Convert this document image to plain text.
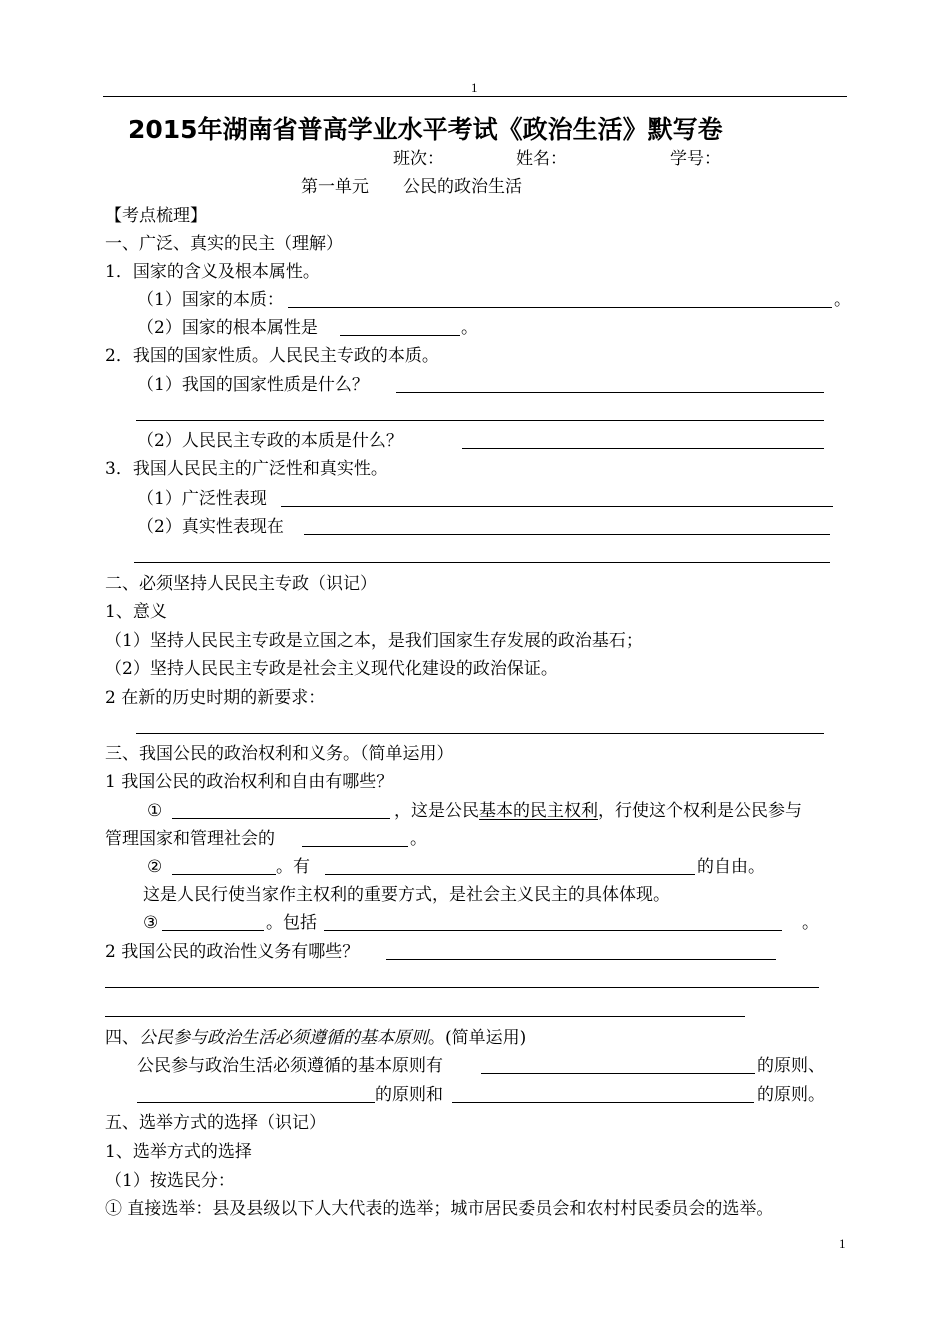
1
2015年湖南省普高学业水平考试《政治生活》默写卷
班次：	姓名：	学号：
第一单元　　公民的政治生活
【考点梳理】
一、广泛、真实的民主（理解）
1．国家的含义及根本属性。
（1）国家的本质：	。
（2）国家的根本属性是	。
2．我国的国家性质。人民民主专政的本质。
（1）我国的国家性质是什么？
（2）人民民主专政的本质是什么？
3．我国人民民主的广泛性和真实性。
（1）广泛性表现
（2）真实性表现在
二、必须坚持人民民主专政（识记）
1、意义
（1）坚持人民民主专政是立国之本，是我们国家生存发展的政治基石；
（2）坚持人民民主专政是社会主义现代化建设的政治保证。
2 在新的历史时期的新要求：
三、我国公民的政治权利和义务。（简单运用）
1 我国公民的政治权利和自由有哪些？
①	，这是公民基本的民主权利，行使这个权利是公民参与
管理国家和管理社会的	。
②	。有	的自由。
这是人民行使当家作主权利的重要方式，是社会主义民主的具体体现。
③	。包括	。
2 我国公民的政治性义务有哪些？
四、公民参与政治生活必须遵循的基本原则。(简单运用)
公民参与政治生活必须遵循的基本原则有	的原则、
的原则和	的原则。
五、选举方式的选择（识记）
1、选举方式的选择
（1）按选民分：
① 直接选举：县及县级以下人大代表的选举；城市居民委员会和农村村民委员会的选举。
1
